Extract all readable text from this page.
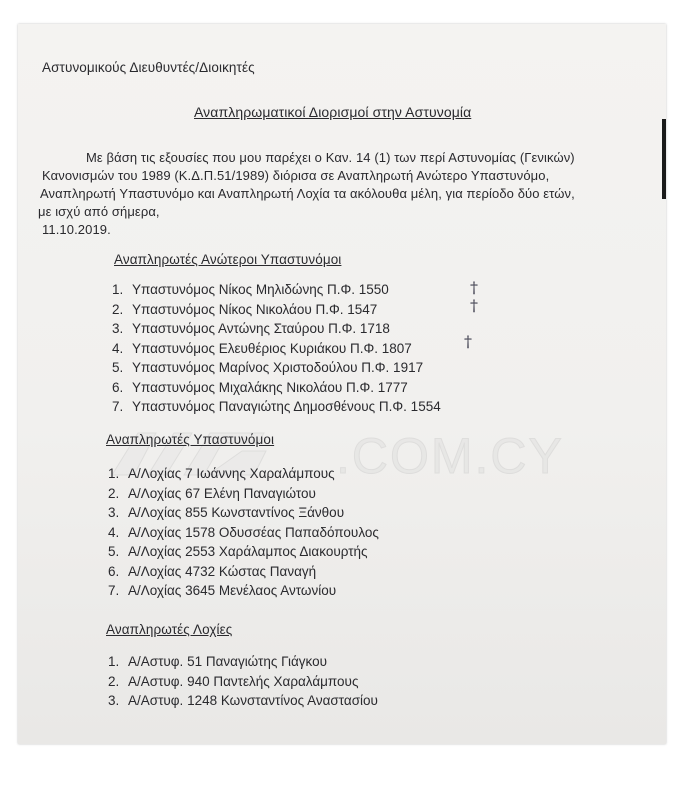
Αστυνομικούς Διευθυντές/Διοικητές
Αναπληρωματικοί Διορισμοί στην Αστυνομία
Με βάση τις εξουσίες που μου παρέχει ο Καν. 14 (1) των περί Αστυνομίας (Γενικών)
Κανονισμών του 1989 (Κ.Δ.Π.51/1989) διόρισα σε Αναπληρωτή Ανώτερο Υπαστυνόμο,
Αναπληρωτή Υπαστυνόμο και Αναπληρωτή Λοχία τα ακόλουθα μέλη, για περίοδο δύο ετών,
με ισχύ από σήμερα,
11.10.2019.
Αναπληρωτές Ανώτεροι Υπαστυνόμοι
1. Υπαστυνόμος Νίκος Μηλιδώνης Π.Φ. 1550
2. Υπαστυνόμος Νίκος Νικολάου Π.Φ. 1547
3. Υπαστυνόμος Αντώνης Σταύρου Π.Φ. 1718
4. Υπαστυνόμος Ελευθέριος Κυριάκου Π.Φ. 1807
5. Υπαστυνόμος Μαρίνος Χριστοδούλου Π.Φ. 1917
6. Υπαστυνόμος Μιχαλάκης Νικολάου Π.Φ. 1777
7. Υπαστυνόμος Παναγιώτης Δημοσθένους Π.Φ. 1554
†
†
†
.COM.CY
Αναπληρωτές Υπαστυνόμοι
1. Α/Λοχίας 7 Ιωάννης Χαραλάμπους
2. Α/Λοχίας 67 Ελένη Παναγιώτου
3. Α/Λοχίας 855 Κωνσταντίνος Ξάνθου
4. Α/Λοχίας 1578 Οδυσσέας Παπαδόπουλος
5. Α/Λοχίας 2553 Χαράλαμπος Διακουρτής
6. Α/Λοχίας 4732 Κώστας Παναγή
7. Α/Λοχίας 3645 Μενέλαος Αντωνίου
Αναπληρωτές Λοχίες
1. Α/Αστυφ. 51 Παναγιώτης Γιάγκου
2. Α/Αστυφ. 940 Παντελής Χαραλάμπους
3. Α/Αστυφ. 1248 Κωνσταντίνος Αναστασίου
